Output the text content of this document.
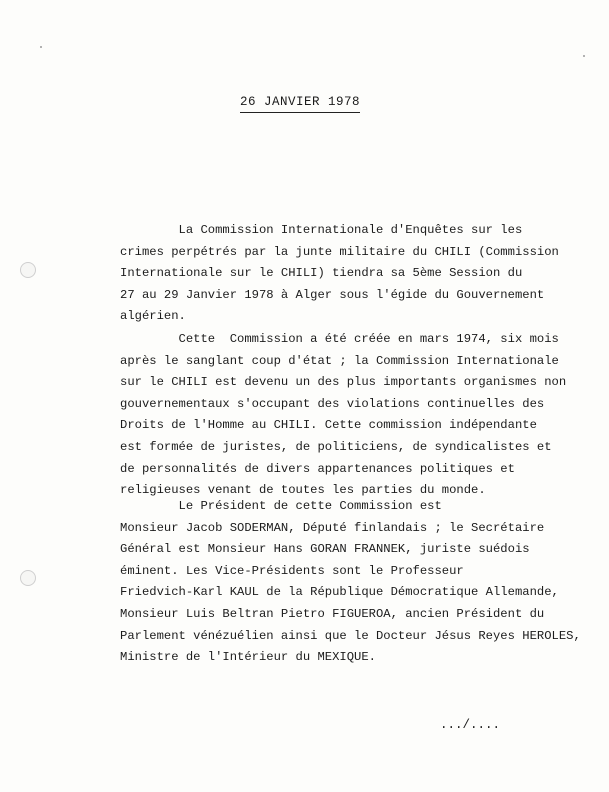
26 JANVIER 1978

La Commission Internationale d'Enquêtes sur les
crimes perpétrés par la junte militaire du CHILI (Commission
Internationale sur le CHILI) tiendra sa 5ème Session du
27 au 29 Janvier 1978 à Alger sous l'égide du Gouvernement
algérien.

Cette  Commission a été créée en mars 1974, six mois
après le sanglant coup d'état ; la Commission Internationale
sur le CHILI est devenu un des plus importants organismes non
gouvernementaux s'occupant des violations continuelles des
Droits de l'Homme au CHILI. Cette commission indépendante
est formée de juristes, de politiciens, de syndicalistes et
de personnalités de divers appartenances politiques et
religieuses venant de toutes les parties du monde.

Le Président de cette Commission est
Monsieur Jacob SODERMAN, Député finlandais ; le Secrétaire
Général est Monsieur Hans GORAN FRANNEK, juriste suédois
éminent. Les Vice-Présidents sont le Professeur
Friedvich-Karl KAUL de la République Démocratique Allemande,
Monsieur Luis Beltran Pietro FIGUEROA, ancien Président du
Parlement vénézuélien ainsi que le Docteur Jésus Reyes HEROLES,
Ministre de l'Intérieur du MEXIQUE.

.../....
